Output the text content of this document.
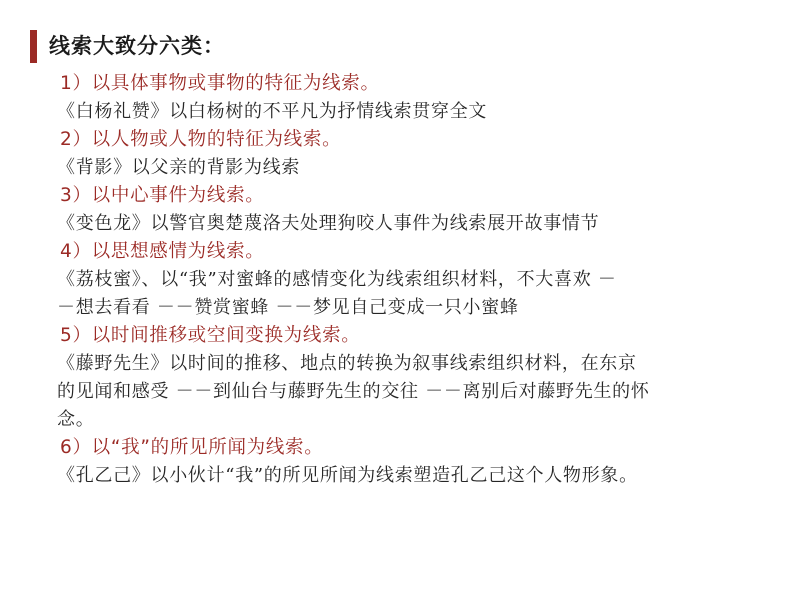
线索大致分六类：
1）以具体事物或事物的特征为线索。
《白杨礼赞》以白杨树的不平凡为抒情线索贯穿全文
2）以人物或人物的特征为线索。
《背影》以父亲的背影为线索
3）以中心事件为线索。
《变色龙》以警官奥楚蔑洛夫处理狗咬人事件为线索展开故事情节
4）以思想感情为线索。
《荔枝蜜》、以“我”对蜜蜂的感情变化为线索组织材料，不大喜欢 －
－想去看看 －－赞赏蜜蜂 －－梦见自己变成一只小蜜蜂
5）以时间推移或空间变换为线索。
《藤野先生》以时间的推移、地点的转换为叙事线索组织材料，在东京
的见闻和感受 －－到仙台与藤野先生的交往 －－离别后对藤野先生的怀
念。
6）以“我”的所见所闻为线索。
《孔乙己》以小伙计“我”的所见所闻为线索塑造孔乙己这个人物形象。
